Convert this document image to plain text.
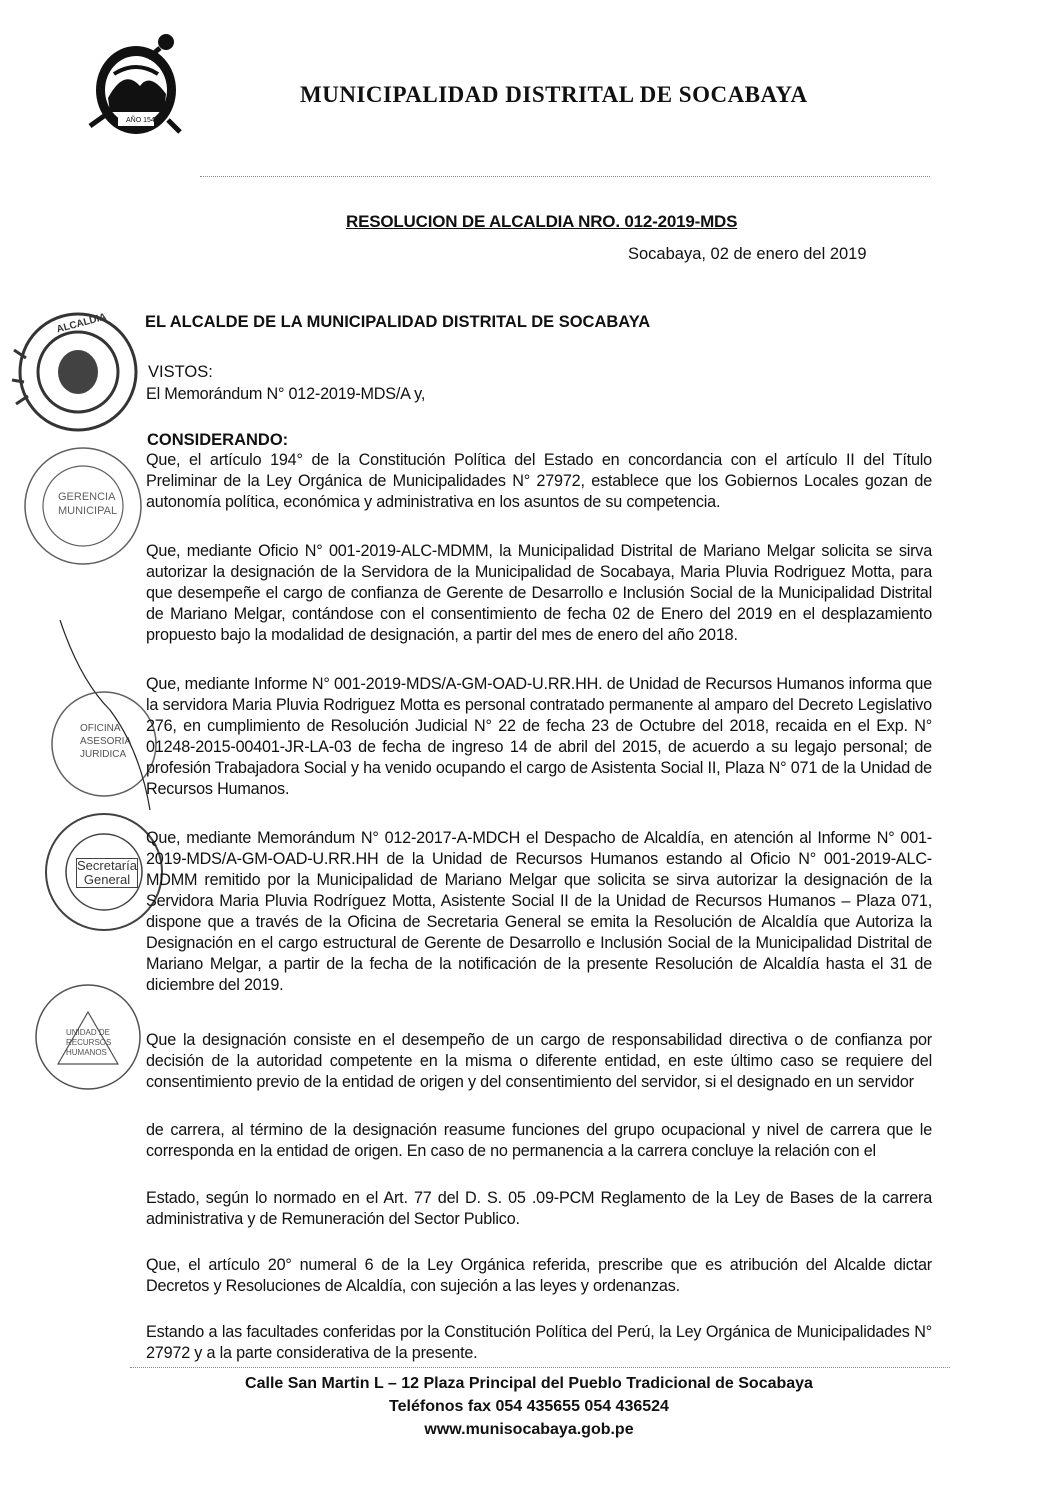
AÑO 1540
MUNICIPALIDAD DISTRITAL DE SOCABAYA
RESOLUCION DE ALCALDIA NRO. 012-2019-MDS
Socabaya, 02 de enero del 2019
ALCALDIA EL ALCALDE DE LA MUNICIPALIDAD DISTRITAL DE SOCABAYA
VISTOS:
El Memorándum N° 012-2019-MDS/A y,
CONSIDERANDO:
GERENCIA MUNICIPAL
Que, el artículo 194° de la Constitución Política del Estado en concordancia con el artículo II del Título Preliminar de la Ley Orgánica de Municipalidades N° 27972, establece que los Gobiernos Locales gozan de autonomía política, económica y administrativa en los asuntos de su competencia.
Que, mediante Oficio N° 001-2019-ALC-MDMM, la Municipalidad Distrital de Mariano Melgar solicita se sirva autorizar la designación de la Servidora de la Municipalidad de Socabaya, Maria Pluvia Rodriguez Motta, para que desempeñe el cargo de confianza de Gerente de Desarrollo e Inclusión Social de la Municipalidad Distrital de Mariano Melgar, contándose con el consentimiento de fecha 02 de Enero del 2019 en el desplazamiento propuesto bajo la modalidad de designación, a partir del mes de enero del año 2018.
OFICINA ASESORIA JURIDICA
Que, mediante Informe N° 001-2019-MDS/A-GM-OAD-U.RR.HH. de Unidad de Recursos Humanos informa que la servidora Maria Pluvia Rodriguez Motta es personal contratado permanente al amparo del Decreto Legislativo 276, en cumplimiento de Resolución Judicial N° 22 de fecha 23 de Octubre del 2018, recaida en el Exp. N° 01248-2015-00401-JR-LA-03 de fecha de ingreso 14 de abril del 2015, de acuerdo a su legajo personal; de profesión Trabajadora Social y ha venido ocupando el cargo de Asistenta Social II, Plaza N° 071 de la Unidad de Recursos Humanos.
Secretaría General
Que, mediante Memorándum N° 012-2017-A-MDCH el Despacho de Alcaldía, en atención al Informe N° 001-2019-MDS/A-GM-OAD-U.RR.HH de la Unidad de Recursos Humanos estando al Oficio N° 001-2019-ALC-MDMM remitido por la Municipalidad de Mariano Melgar que solicita se sirva autorizar la designación de la Servidora Maria Pluvia Rodríguez Motta, Asistente Social II de la Unidad de Recursos Humanos – Plaza 071, dispone que a través de la Oficina de Secretaria General se emita la Resolución de Alcaldía que Autoriza la Designación en el cargo estructural de Gerente de Desarrollo e Inclusión Social de la Municipalidad Distrital de Mariano Melgar, a partir de la fecha de la notificación de la presente Resolución de Alcaldía hasta el 31 de diciembre del 2019.
UNIDAD DE RECURSOS HUMANOS
Que la designación consiste en el desempeño de un cargo de responsabilidad directiva o de confianza por decisión de la autoridad competente en la misma o diferente entidad, en este último caso se requiere del consentimiento previo de la entidad de origen y del consentimiento del servidor, si el designado en un servidor
de carrera, al término de la designación reasume funciones del grupo ocupacional y nivel de carrera que le corresponda en la entidad de origen. En caso de no permanencia a la carrera concluye la relación con el
Estado, según lo normado en el Art. 77 del D. S. 05 .09-PCM Reglamento de la Ley de Bases de la carrera administrativa y de Remuneración del Sector Publico.
Que, el artículo 20° numeral 6 de la Ley Orgánica referida, prescribe que es atribución del Alcalde dictar Decretos y Resoluciones de Alcaldía, con sujeción a las leyes y ordenanzas.
Estando a las facultades conferidas por la Constitución Política del Perú, la Ley Orgánica de Municipalidades N° 27972 y a la parte considerativa de la presente.
Calle San Martin L – 12 Plaza Principal del Pueblo Tradicional de Socabaya
Teléfonos fax 054 435655 054 436524
www.munisocabaya.gob.pe
